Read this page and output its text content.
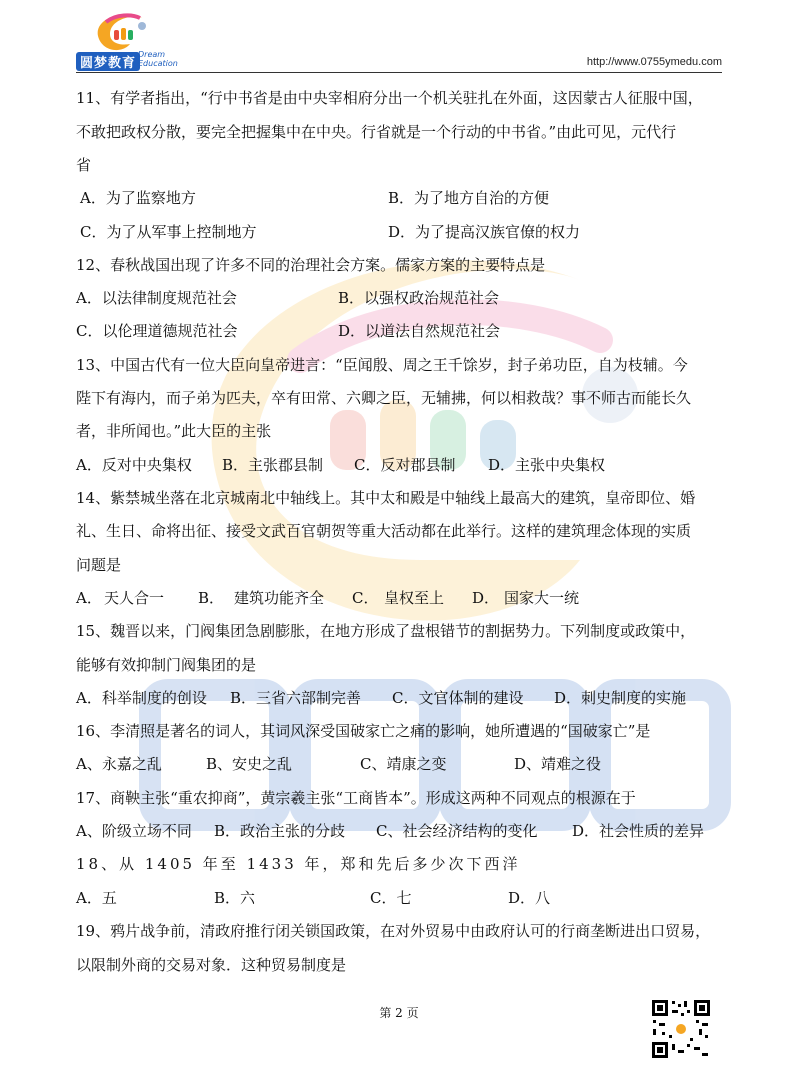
圆梦教育
Dream Education	http://www.0755ymedu.com
11、有学者指出，“行中书省是由中央宰相府分出一个机关驻扎在外面，这因蒙古人征服中国，
不敢把政权分散，要完全把握集中在中央。行省就是一个行动的中书省。”由此可见，元代行
省
A．为了监察地方	B．为了地方自治的方便
C．为了从军事上控制地方	D．为了提高汉族官僚的权力
12、春秋战国出现了许多不同的治理社会方案。儒家方案的主要特点是
A．以法律制度规范社会	B．以强权政治规范社会
C．以伦理道德规范社会	D．以道法自然规范社会
13、中国古代有一位大臣向皇帝进言：“臣闻殷、周之王千馀岁，封子弟功臣，自为枝辅。今
陛下有海内，而子弟为匹夫，卒有田常、六卿之臣，无辅拂，何以相救哉？事不师古而能长久
者，非所闻也。”此大臣的主张
A．反对中央集权 B．主张郡县制 C．反对郡县制 D．主张中央集权
14、紫禁城坐落在北京城南北中轴线上。其中太和殿是中轴线上最高大的建筑，皇帝即位、婚
礼、生日、命将出征、接受文武百官朝贺等重大活动都在此举行。这样的建筑理念体现的实质
问题是
A． 天人合一 B． 建筑功能齐全 C． 皇权至上 D． 国家大一统
15、魏晋以来，门阀集团急剧膨胀，在地方形成了盘根错节的割据势力。下列制度或政策中，
能够有效抑制门阀集团的是
A．科举制度的创设 B．三省六部制完善 C．文官体制的建设 D．刺史制度的实施
16、李清照是著名的词人，其词风深受国破家亡之痛的影响，她所遭遇的“国破家亡”是
A、永嘉之乱	B、安史之乱	C、靖康之变	D、靖难之役
17、商鞅主张“重农抑商”，黄宗羲主张“工商皆本”。形成这两种不同观点的根源在于
A、阶级立场不同 B．政治主张的分歧 C、社会经济结构的变化 D．社会性质的差异
18、从 1405 年至 1433 年，郑和先后多少次下西洋
A．五	B．六	C．七	D．八
19、鸦片战争前，清政府推行闭关锁国政策，在对外贸易中由政府认可的行商垄断进出口贸易，
以限制外商的交易对象．这种贸易制度是
第 2 页
